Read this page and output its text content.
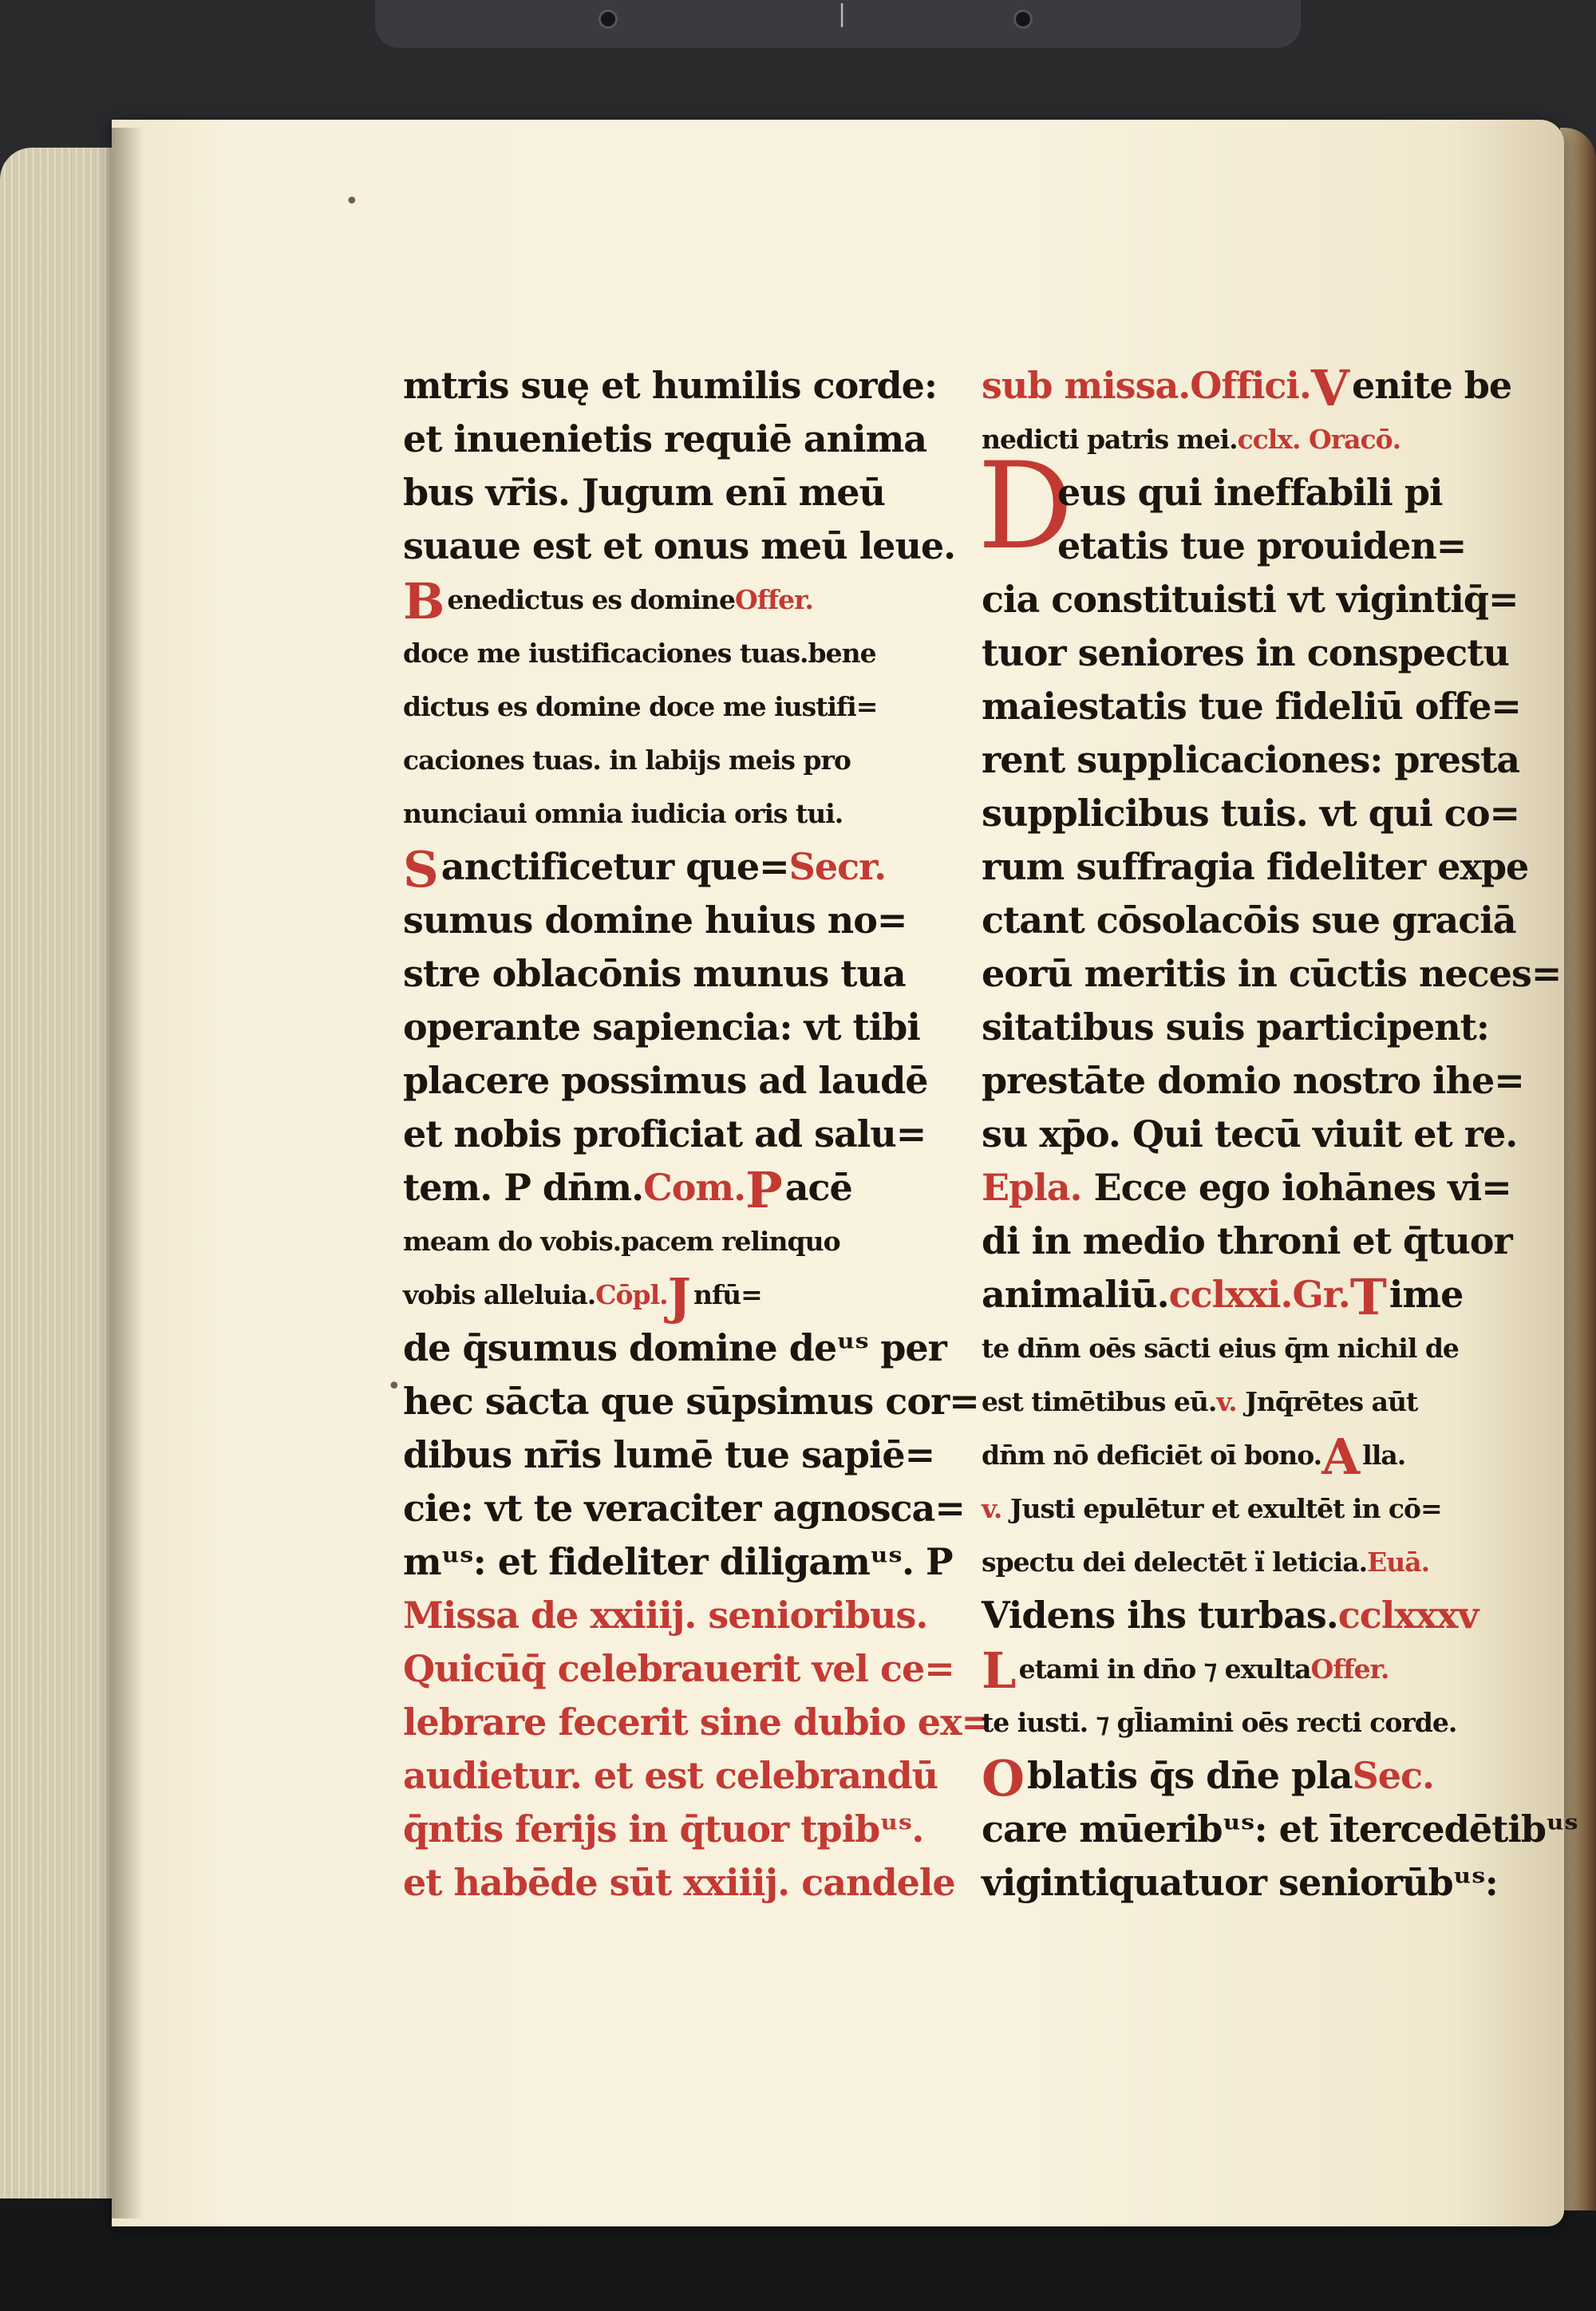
•
|
•
mtris suę et humilis corde:
et inuenietis requiē anima
bus vr̄is. Jugum enī meū
suaue est et onus meū leue.
Benedictus es domineOffer.
doce me iustificaciones tuas.bene
dictus es domine doce me iustifi=
caciones tuas. in labijs meis pro
nunciaui omnia iudicia oris tui.
Sanctificetur que=Secr.
sumus domine huius no=
stre oblacōnis munus tua
operante sapiencia: vt tibi
placere possimus ad laudē
et nobis proficiat ad salu=
tem. P dn̄m.Com.Pacē
meam do vobis.pacem relinquo
vobis alleluia.Cōpl.J nfū=
de q̄sumus domine deᵘˢ per
hec sācta que sūpsimus cor=
dibus nr̄is lumē tue sapiē=
cie: vt te veraciter agnosca=
mᵘˢ: et fideliter diligamᵘˢ. P
Missa de xxiiij. senioribus.
Quicūq̄ celebrauerit vel ce=
lebrare fecerit sine dubio ex=
audietur. et est celebrandū
q̄ntis ferijs in q̄tuor tpibᵘˢ.
et habēde sūt xxiiij. candele
D
sub missa.Offici.Venite be
nedicti patris mei.cclx. Oracō.
eus qui ineffabili pi
etatis tue prouiden=
cia constituisti vt vigintiq̄=
tuor seniores in conspectu
maiestatis tue fideliū offe=
rent supplicaciones: presta
supplicibus tuis. vt qui co=
rum suffragia fideliter expe
ctant cōsolacōis sue graciā
eorū meritis in cūctis neces=
sitatibus suis participent:
prestāte domio nostro ihe=
su xp̄o. Qui tecū viuit et re.
Epla. Ecce ego iohānes vi=
di in medio throni et q̄tuor
animaliū.cclxxi.Gr.Time
te dn̄m oēs sācti eius q̄m nichil de
est timētibus eū.v. Jnq̄rētes aūt
dn̄m nō deficiēt oī bono.A lla.
v. Justi epulētur et exultēt in cō=
spectu dei delectēt ï leticia.Euā.
Videns ihs turbas.cclxxxv
Letami in dn̄o ⁊ exultaOffer.
te iusti. ⁊ gl̄iamini oēs recti corde.
Oblatis q̄s dn̄e plaSec.
care mūeribᵘˢ: et ītercedētibᵘˢ
vigintiquatuor seniorūbᵘˢ:
